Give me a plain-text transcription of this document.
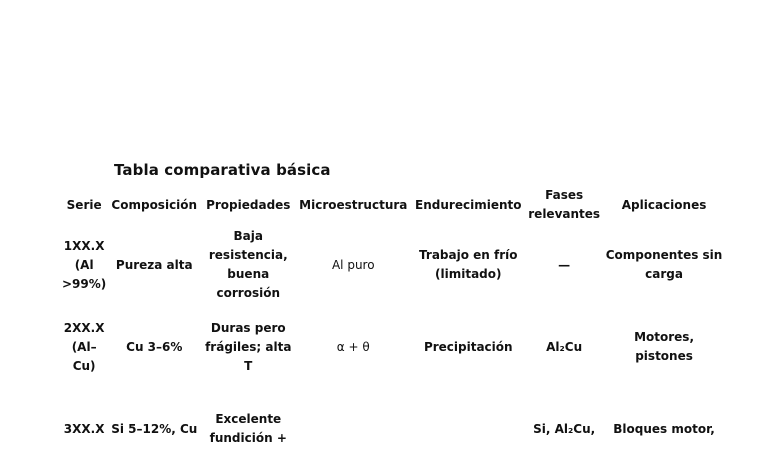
Tabla comparativa básica
Serie	Composición	Propiedades	Microestructura	Endurecimiento	Fases relevantes	Aplicaciones
1XX.X (Al >99%)	Pureza alta	Baja resistencia, buena corrosión	Al puro	Trabajo en frío (limitado)	—	Componentes sin carga
2XX.X (Al–Cu)	Cu 3–6%	Duras pero frágiles; alta T	α + θ	Precipitación	Al₂Cu	Motores, pistones
3XX.X	Si 5–12%, Cu	Excelente fundición +			Si, Al₂Cu,	Bloques motor,
